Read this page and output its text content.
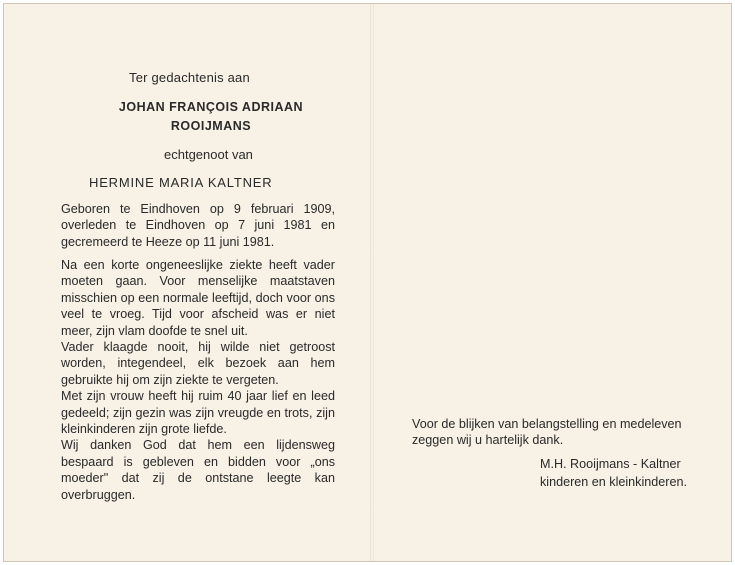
Ter gedachtenis aan
JOHAN FRANÇOIS ADRIAAN
ROOIJMANS
echtgenoot van
HERMINE MARIA KALTNER

Geboren te Eindhoven op 9 februari 1909, overleden te Eindhoven op 7 juni 1981 en gecremeerd te Heeze op 11 juni 1981.

Na een korte ongeneeslijke ziekte heeft vader moeten gaan. Voor menselijke maatstaven misschien op een normale leeftijd, doch voor ons veel te vroeg. Tijd voor afscheid was er niet meer, zijn vlam doofde te snel uit.

Vader klaagde nooit, hij wilde niet getroost worden, integendeel, elk bezoek aan hem gebruikte hij om zijn ziekte te vergeten.

Met zijn vrouw heeft hij ruim 40 jaar lief en leed gedeeld; zijn gezin was zijn vreugde en trots, zijn kleinkinderen zijn grote liefde.

Wij danken God dat hem een lijdensweg bespaard is gebleven en bidden voor „ons moeder" dat zij de ontstane leegte kan overbruggen.

Voor de blijken van belangstelling en medeleven zeggen wij u hartelijk dank.

M.H. Rooijmans - Kaltner
kinderen en kleinkinderen.
